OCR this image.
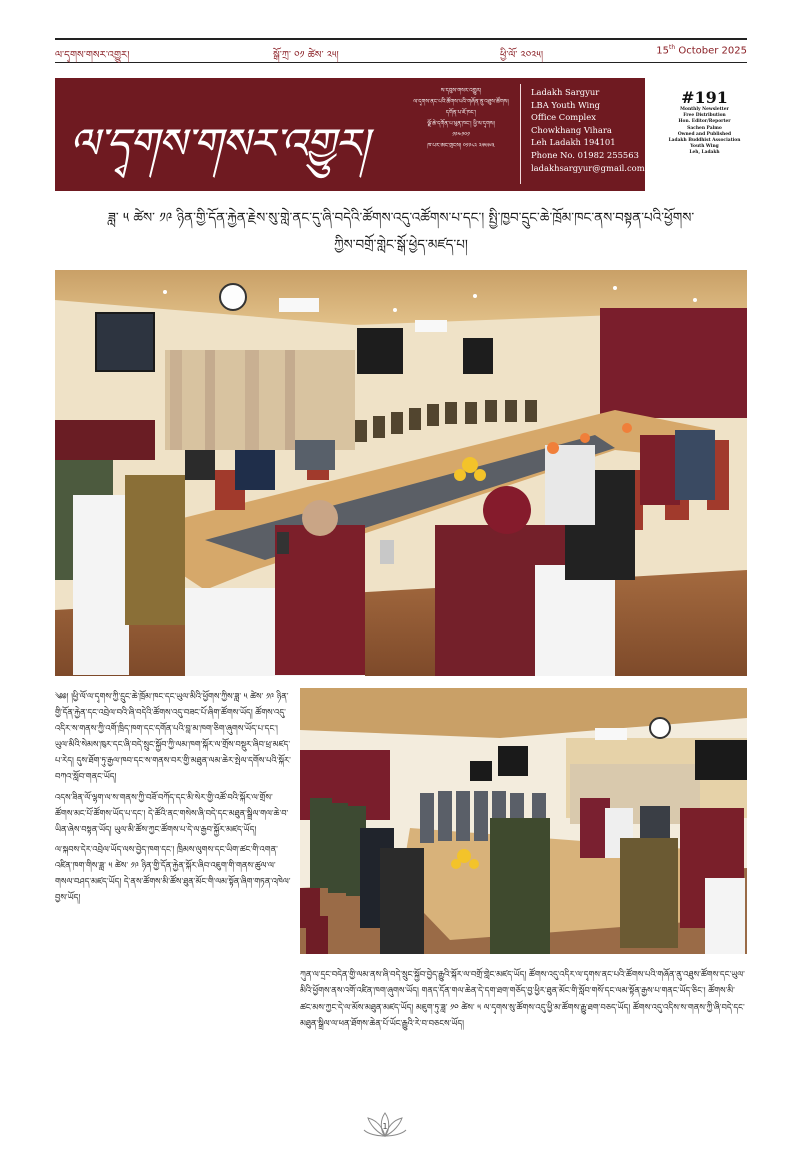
ལ་དྭགས་གསར་འགྱུར།	སྒོ་ཀྲ་ ༠༡ ཚེས་ ༢༥།	ཕྱི་ལོ་ ༢༠༢༥།	15th October 2025
ལ་དྭགས་གསར་འགྱུར།
ས་དབུས་གསར་འགྱུར།
ལ་དྭགས་ནང་པའི་ཚོགས་པའི་གཞོན་ནུ་འཐུས་ཚོགས།
དགོན་པ་ཇོ་ཁང་།
ལྗོ་ཆེ་དགོན་པ་ཕུན་ཁང་། ཕྱི་ལ་དྭགས།
༡༩༤༡༠༡
ཁ་པར་ཨང་གྲངས། ༠༡༩༨༢ ༢༥༥༥༦༣
Ladakh Sargyur
LBA Youth Wing
Office Complex
Chowkhang Vihara
Leh Ladakh 194101
Phone No. 01982 255563
ladakhsargyur@gmail.com
#191
Monthly Newsletter
Free Distribution
Hon. Editor/Reporter
Sachen Palmo
Owned and Published
Ladakh Buddhist Association
Youth Wing
Leh, Ladakh
ཟླ་ ༥ ཚེས་ ༡༩ ཉིན་གྱི་དོན་རྐྱེན་རྗེས་སུ་གླེ་ནང་དུ་ཞི་བདེའི་ཚོགས་འདུ་འཚོགས་པ་དང་། སྤྱི་ཁྱབ་དྲུང་ཆེ་ཁྲོམ་ཁང་ནས་བསྟན་པའི་ཕྱོགས་
ཀྱིས་བགྲོ་གླེང་སྒོ་ཕྱེད་མཛད་པ།

༄༅། །ཕྱི་ལོ་ལ་དྭགས་ཀྱི་དྲུང་ཆེ་ཁྲོམ་ཁང་དང་ཡུལ་མིའི་ཕྱོགས་ཀྱིས་ཟླ་ ༥ ཚེས་ ༡༩ ཉིན་གྱི་དོན་རྐྱེན་དང་འབྲེལ་བའི་ཞི་བདེའི་ཚོགས་འདུ་བཟང་པོ་ཞིག་ཚོགས་ཡོད། ཚོགས་འདུ་འདིར་ས་གནས་ཀྱི་འགོ་ཁྲིད་ཁག་དང་དགོན་པའི་བླ་མ་ཁག་ཅིག་ཞུགས་ཡོད་པ་དང་། ཡུལ་མིའི་སེམས་ཁུར་དང་ཞི་བདེ་སྲུང་སྐྱོབ་ཀྱི་ལམ་ཁག་སྐོར་ལ་གྲོས་བསྡུར་ཞིབ་ཕྲ་མཛད་པ་རེད། དུས་ཐོག་ཏུ་རྒྱལ་ཁབ་དང་ས་གནས་བར་གྱི་མཐུན་ལམ་ཆེར་སྤེལ་དགོས་པའི་སྐོར་བཀའ་སློབ་གནང་ཡོད།

འདས་ཟིན་ལོ་ལྷག་ལ་ས་གནས་ཀྱི་བཟོ་བཀོད་དང་མི་སེར་གྱི་འཚོ་བའི་སྐོར་ལ་གྲོས་ཚོགས་མང་པོ་ཚོགས་ཡོད་པ་དང་། དེ་ཚོའི་ནང་གསེས་ཞི་བདེ་དང་མཐུན་སྒྲིལ་གལ་ཆེ་བ་ཡིན་ཞེས་བསྟན་ཡོད། ཡུལ་མི་ཚོས་ཀྱང་ཚོགས་པ་དེ་ལ་རྒྱབ་སྐྱོར་མཛད་ཡོད།

ལ་སྐབས་དེར་འབྲེལ་ཡོད་ལས་བྱེད་ཁག་དང་། ཁྲིམས་ལུགས་དང་ཡིག་ཚང་གི་འགན་འཛིན་ཁག་གིས་ཟླ་ ༥ ཚེས་ ༡༩ ཉིན་གྱི་དོན་རྐྱེན་སྐོར་ཞིབ་འཇུག་གི་གནས་ཚུལ་ལ་གསལ་བཤད་མཛད་ཡོད། དེ་ནས་ཚོགས་མི་ཚོས་ཐུན་མོང་གི་ལམ་སྟོན་ཞིག་གཏན་འཁེལ་བྱས་ཡོད།

ཀུན་ལ་དྲང་བདེན་གྱི་ལམ་ནས་ཞི་བདེ་སྲུང་སྐྱོབ་བྱེད་རྒྱུའི་སྐོར་ལ་བགྲོ་གླེང་མཛད་ཡོད། ཚོགས་འདུ་འདིར་ལ་དྭགས་ནང་པའི་ཚོགས་པའི་གཞོན་ནུ་འཐུས་ཚོགས་དང་ཡུལ་མིའི་ཕྱོགས་ནས་འགོ་འཛིན་ཁག་ཞུགས་ཡོད། གནད་དོན་གལ་ཆེན་དེ་དག་ཐག་གཅོད་བྱ་ཕྱིར་ཐུན་མོང་གི་སློབ་གསོ་དང་ལམ་སྟོན་རྒྱས་པ་གནང་ཡོད་ཅིང་། ཚོགས་མི་ཚང་མས་ཀྱང་དེ་ལ་མོས་མཐུན་མཛད་ཡོད། མཇུག་ཏུ་ཟླ་ ༡༠ ཚེས་ ༥ ལ་དྭགས་སུ་ཚོགས་འདུ་ཕྱི་མ་ཚོགས་རྒྱུ་ཐག་བཅད་ཡོད། ཚོགས་འདུ་འདིས་ས་གནས་ཀྱི་ཞི་བདེ་དང་མཐུན་སྒྲིལ་ལ་ཕན་ཐོགས་ཆེན་པོ་ཡོང་རྒྱུའི་རེ་བ་བཅངས་ཡོད།

1
